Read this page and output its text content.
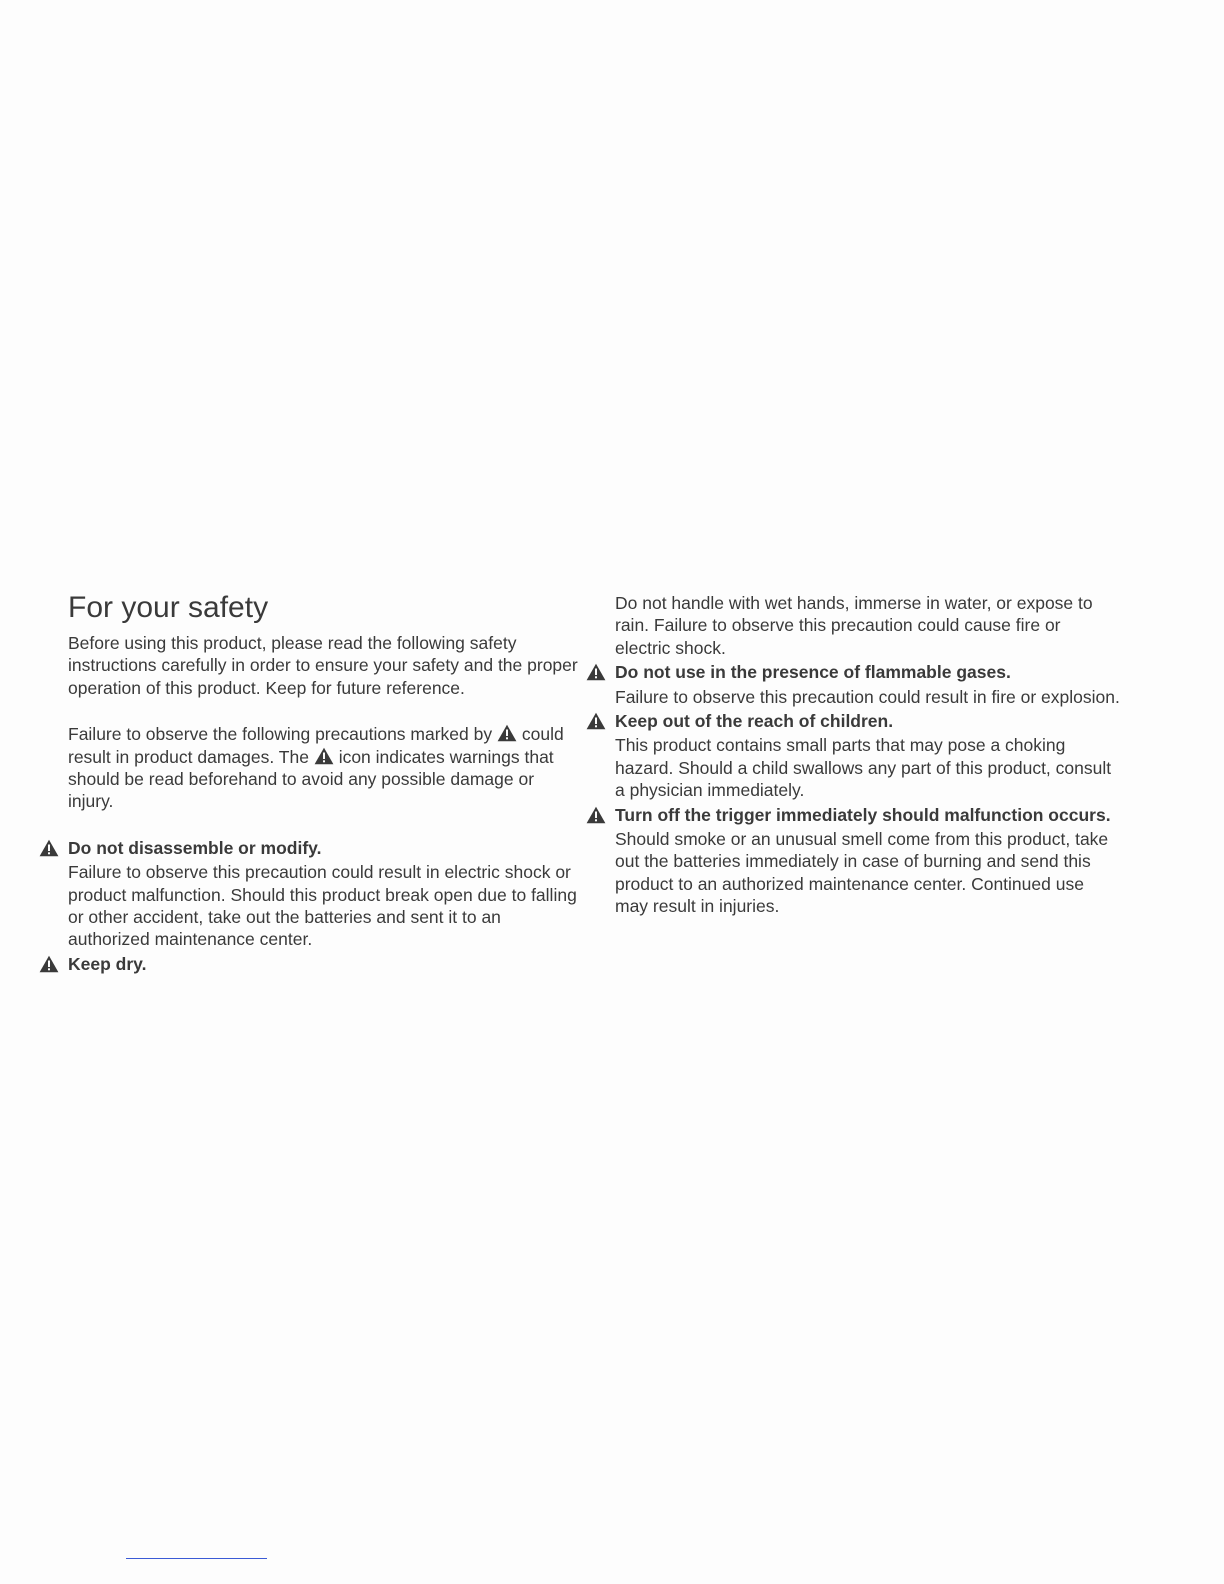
For your safety

Before using this product, please read the following safety instructions carefully in order to ensure your safety and the proper operation of this product. Keep for future reference.

Failure to observe the following precautions marked by could result in product damages. The icon indicates warnings that should be read beforehand to avoid any possible damage or injury.

Do not disassemble or modify.

Failure to observe this precaution could result in electric shock or product malfunction. Should this product break open due to falling or other accident, take out the batteries and sent it to an authorized maintenance center.

Keep dry.

Do not handle with wet hands, immerse in water, or expose to rain. Failure to observe this precaution could cause fire or electric shock.

Do not use in the presence of flammable gases.

Failure to observe this precaution could result in fire or explosion.

Keep out of the reach of children.

This product contains small parts that may pose a choking hazard. Should a child swallows any part of this product, consult a physician immediately.

Turn off the trigger immediately should malfunction occurs.

Should smoke or an unusual smell come from this product, take out the batteries immediately in case of burning and send this product to an authorized maintenance center. Continued use may result in injuries.
